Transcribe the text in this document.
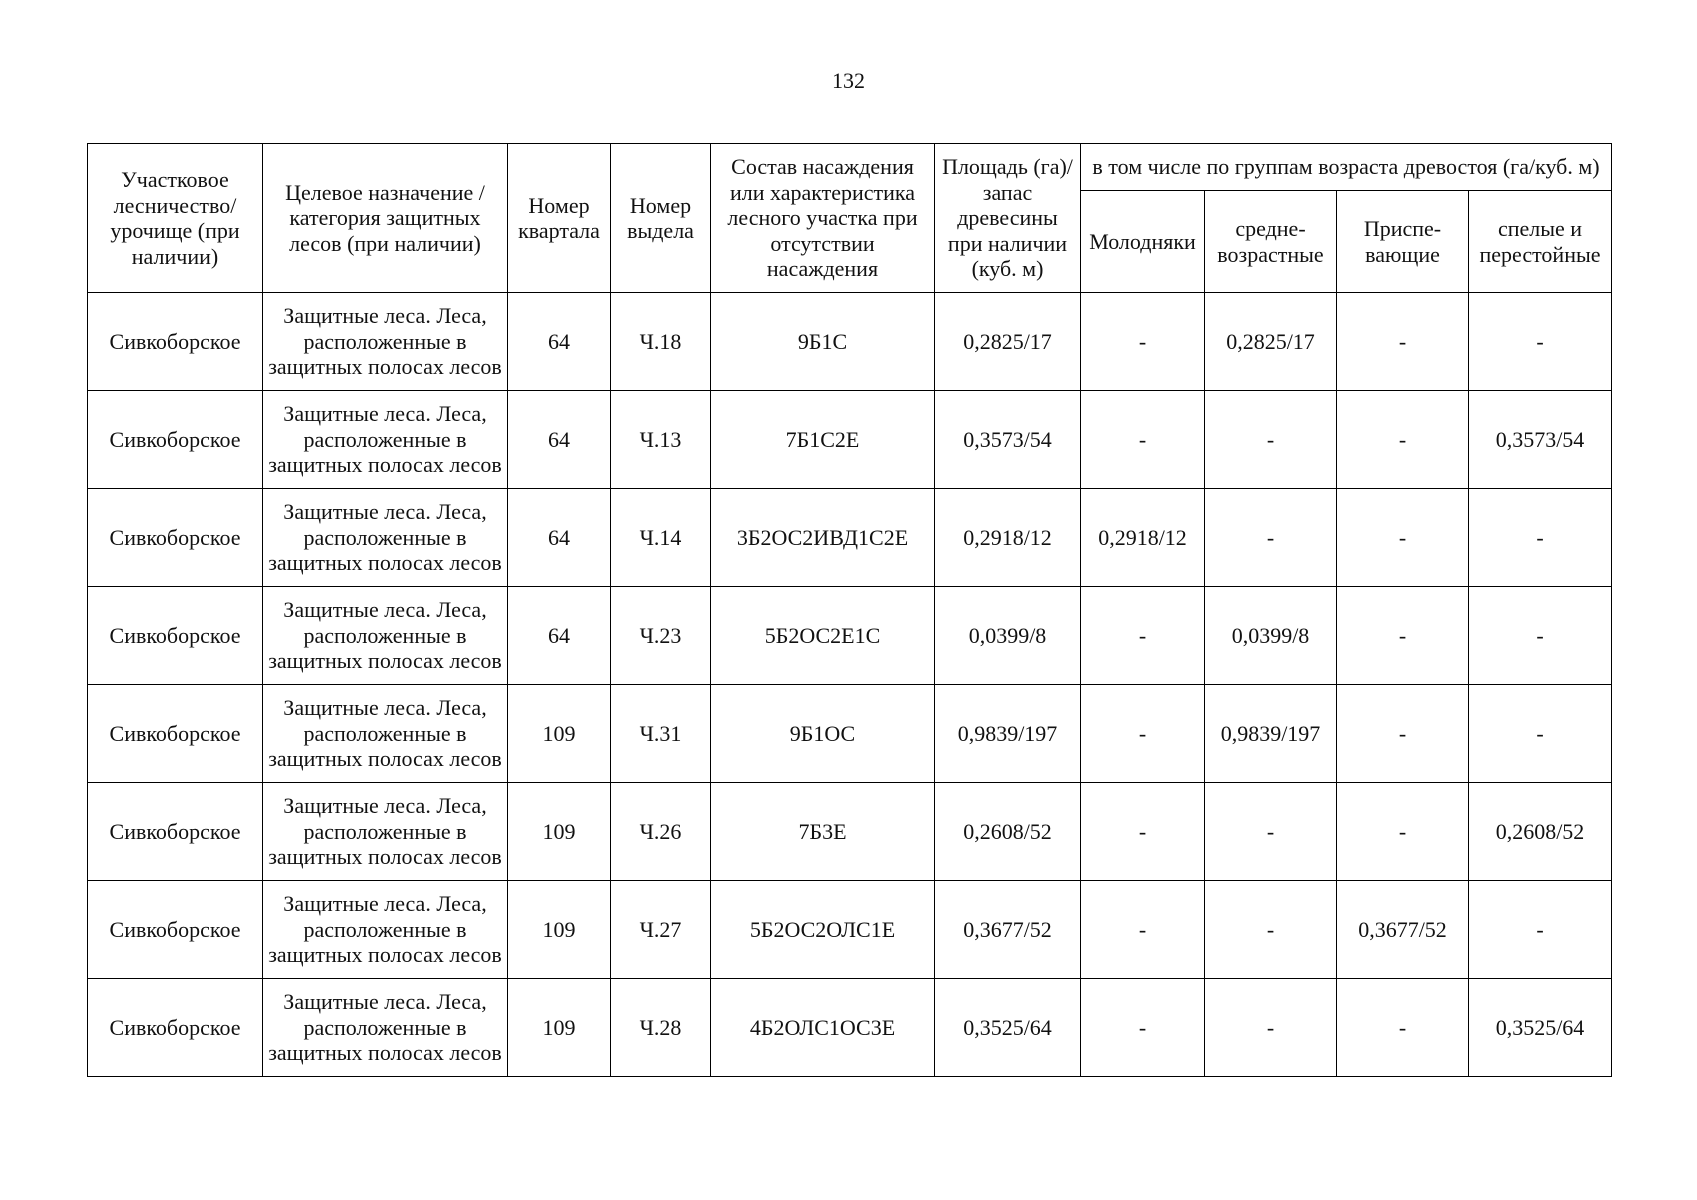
132
Участковое
лесничество/
урочище (при
наличии)	Целевое назначение /
категория защитных
лесов (при наличии)	Номер
квартала	Номер
выдела	Состав насаждения
или характеристика
лесного участка при
отсутствии
насаждения	Площадь (га)/
запас
древесины
при наличии
(куб. м)	в том числе по группам возраста древостоя (га/куб. м)			
						Молодняки	средне-
возрастные	Приспе-
вающие	спелые и
перестойные
Сивкоборское	Защитные леса. Леса,
расположенные в
защитных полосах лесов	64	Ч.18	9Б1С	0,2825/17	-	0,2825/17	-	-
Сивкоборское	Защитные леса. Леса,
расположенные в
защитных полосах лесов	64	Ч.13	7Б1С2Е	0,3573/54	-	-	-	0,3573/54
Сивкоборское	Защитные леса. Леса,
расположенные в
защитных полосах лесов	64	Ч.14	3Б2ОС2ИВД1С2Е	0,2918/12	0,2918/12	-	-	-
Сивкоборское	Защитные леса. Леса,
расположенные в
защитных полосах лесов	64	Ч.23	5Б2ОС2Е1С	0,0399/8	-	0,0399/8	-	-
Сивкоборское	Защитные леса. Леса,
расположенные в
защитных полосах лесов	109	Ч.31	9Б1ОС	0,9839/197	-	0,9839/197	-	-
Сивкоборское	Защитные леса. Леса,
расположенные в
защитных полосах лесов	109	Ч.26	7Б3Е	0,2608/52	-	-	-	0,2608/52
Сивкоборское	Защитные леса. Леса,
расположенные в
защитных полосах лесов	109	Ч.27	5Б2ОС2ОЛС1Е	0,3677/52	-	-	0,3677/52	-
Сивкоборское	Защитные леса. Леса,
расположенные в
защитных полосах лесов	109	Ч.28	4Б2ОЛС1ОС3Е	0,3525/64	-	-	-	0,3525/64
